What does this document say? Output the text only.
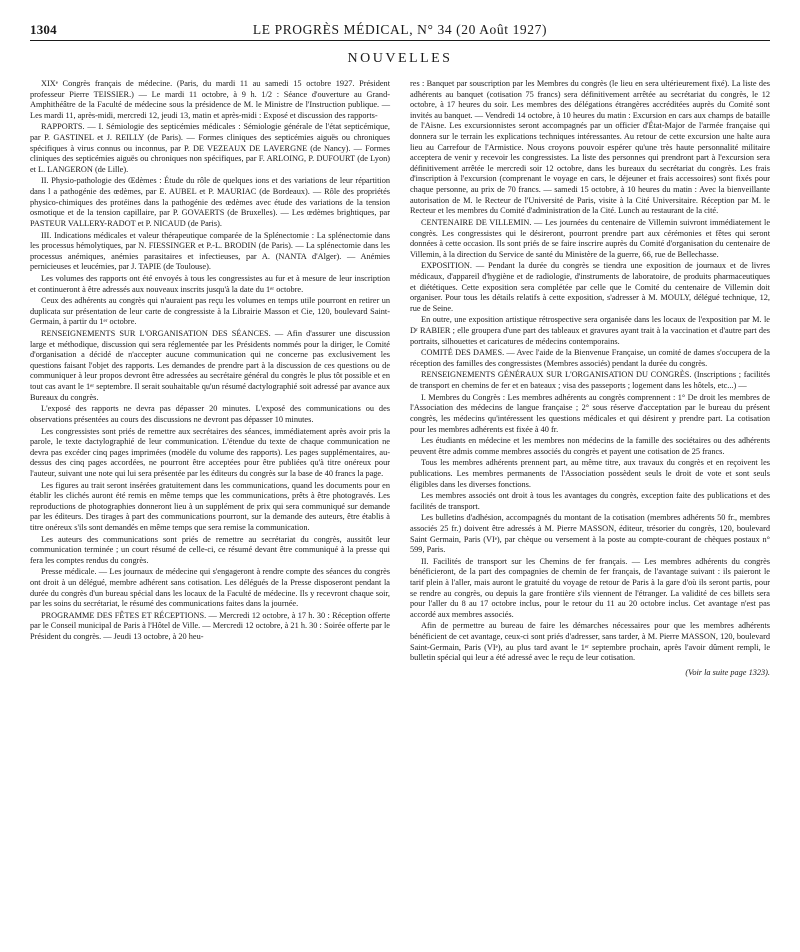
1304	LE PROGRÈS MÉDICAL, N° 34 (20 Août 1927)
NOUVELLES

XIXᵉ Congrès français de médecine. (Paris, du mardi 11 au samedi 15 octobre 1927. Président professeur Pierre TEISSIER.) — Le mardi 11 octobre, à 9 h. 1/2 : Séance d'ouverture au Grand-Amphithéâtre de la Faculté de médecine sous la présidence de M. le Ministre de l'Instruction publique. — Les mardi 11, après-midi, mercredi 12, jeudi 13, matin et après-midi : Exposé et discussion des rapports-

RAPPORTS. — I. Sémiologie des septicémies médicales : Sémiologie générale de l'état septicémique, par P. GASTINEL et J. REILLY (de Paris). — Formes cliniques des septicémies aiguës ou chroniques spécifiques à virus connus ou inconnus, par P. DE VEZEAUX DE LAVERGNE (de Nancy). — Formes cliniques des septicémies aiguës ou chroniques non spécifiques, par F. ARLOING, P. DUFOURT (de Lyon) et L. LANGERON (de Lille).

II. Physio-pathologie des Œdèmes : Étude du rôle de quelques ions et des variations de leur répartition dans l a pathogénie des œdèmes, par E. AUBEL et P. MAURIAC (de Bordeaux). — Rôle des propriétés physico-chimiques des protéines dans la pathogénie des œdèmes avec étude des variations de la tension osmotique et de la tension capillaire, par P. GOVAERTS (de Bruxelles). — Les œdèmes brightiques, par PASTEUR VALLERY-RADOT et P. NICAUD (de Paris).

III. Indications médicales et valeur thérapeutique comparée de la Splénectomie : La splénectomie dans les processus hémolytiques, par N. FIESSINGER et P.-L. BRODIN (de Paris). — La splénectomie dans les processus anémiques, anémies parasitaires et infectieuses, par A. (NANTA d'Alger). — Anémies pernicieuses et leucémies, par J. TAPIE (de Toulouse).

Les volumes des rapports ont été envoyés à tous les congressistes au fur et à mesure de leur inscription et continueront à être adressés aux nouveaux inscrits jusqu'à la date du 1ᵉʳ octobre.

Ceux des adhérents au congrès qui n'auraient pas reçu les volumes en temps utile pourront en retirer un duplicata sur présentation de leur carte de congressiste à la Librairie Masson et Cie, 120, boulevard Saint-Germain, à partir du 1ᵉʳ octobre.

RENSEIGNEMENTS SUR L'ORGANISATION DES SÉANCES. — Afin d'assurer une discussion large et méthodique, discussion qui sera réglementée par les Présidents nommés pour la diriger, le Comité d'organisation a décidé de n'accepter aucune communication qui ne concerne pas exclusivement les questions faisant l'objet des rapports. Les demandes de prendre part à la discussion de ces questions ou de communiquer à leur propos devront être adressées au secrétaire général du congrès le plus tôt possible et en tout cas avant le 1ᵉʳ septembre. Il serait souhaitable qu'un résumé dactylographié soit adressé par avance aux Bureaux du congrès.

L'exposé des rapports ne devra pas dépasser 20 minutes. L'exposé des communications ou des observations présentées au cours des discussions ne devront pas dépasser 10 minutes.

Les congressistes sont priés de remettre aux secrétaires des séances, immédiatement après avoir pris la parole, le texte dactylographié de leur communication. L'étendue du texte de chaque communication ne devra pas excéder cinq pages imprimées (modèle du volume des rapports). Les pages supplémentaires, au-dessus des cinq pages accordées, ne pourront être acceptées pour être publiées qu'à titre onéreux pour l'auteur, suivant une note qui lui sera présentée par les éditeurs du congrès sur la base de 40 francs la page.

Les figures au trait seront insérées gratuitement dans les communications, quand les documents pour en établir les clichés auront été remis en même temps que les communications, prêts à être photogravés. Les reproductions de photographies donneront lieu à un supplément de prix qui sera communiqué sur demande par les éditeurs. Des tirages à part des communications pourront, sur la demande des auteurs, être établis à titre onéreux s'ils sont demandés en même temps que sera remise la communication.

Les auteurs des communications sont priés de remettre au secrétariat du congrès, aussitôt leur communication terminée ; un court résumé de celle-ci, ce résumé devant être communiqué à la presse qui fera les comptes rendus du congrès.

Presse médicale. — Les journaux de médecine qui s'engageront à rendre compte des séances du congrès ont droit à un délégué, membre adhérent sans cotisation. Les délégués de la Presse disposeront pendant la durée du congrès d'un bureau spécial dans les locaux de la Faculté de médecine. Ils y recevront chaque soir, par les soins du secrétariat, le résumé des communications faites dans la journée.

PROGRAMME DES FÊTES ET RÉCEPTIONS. — Mercredi 12 octobre, à 17 h. 30 : Réception offerte par le Conseil municipal de Paris à l'Hôtel de Ville. — Mercredi 12 octobre, à 21 h. 30 : Soirée offerte par le Président du congrès. — Jeudi 13 octobre, à 20 heu-

res : Banquet par souscription par les Membres du congrès (le lieu en sera ultérieurement fixé). La liste des adhérents au banquet (cotisation 75 francs) sera définitivement arrêtée au secrétariat du congrès, le 12 octobre, à 17 heures du soir. Les membres des délégations étrangères accréditées auprès du Comité sont invités au banquet. — Vendredi 14 octobre, à 10 heures du matin : Excursion en cars aux champs de bataille de l'Aisne. Les excursionnistes seront accompagnés par un officier d'État-Major de l'armée française qui donnera sur le terrain les explications techniques intéressantes. Au retour de cette excursion une halte aura lieu au Carrefour de l'Armistice. Nous croyons pouvoir espérer qu'une très haute personnalité militaire acceptera de venir y recevoir les congressistes. La liste des personnes qui prendront part à l'excursion sera définitivement arrêtée le mercredi soir 12 octobre, dans les bureaux du secrétariat du congrès. Les frais d'inscription à l'excursion (comprenant le voyage en cars, le déjeuner et frais accessoires) sont fixés pour chaque personne, au prix de 70 francs. — samedi 15 octobre, à 10 heures du matin : Avec la bienveillante autorisation de M. le Recteur de l'Université de Paris, visite à la Cité Universitaire. Réception par M. le Recteur et les membres du Comité d'administration de la Cité. Lunch au restaurant de la cité.

CENTENAIRE DE VILLEMIN. — Les journées du centenaire de Villemin suivront immédiatement le congrès. Les congressistes qui le désireront, pourront prendre part aux cérémonies et fêtes qui seront données à cette occasion. Ils sont priés de se faire inscrire auprès du Comité d'organisation du centenaire de Villemin, à la direction du Service de santé du Ministère de la guerre, 66, rue de Bellechasse.

EXPOSITION. — Pendant la durée du congrès se tiendra une exposition de journaux et de livres médicaux, d'appareil d'hygiène et de radiologie, d'instruments de laboratoire, de produits pharmaceutiques et diététiques. Cette exposition sera complétée par celle que le Comité du centenaire de Villemin doit organiser. Pour tous les détails relatifs à cette exposition, s'adresser à M. MOULY, délégué technique, 12, rue de Seine.

En outre, une exposition artistique rétrospective sera organisée dans les locaux de l'exposition par M. le Dʳ RABIER ; elle groupera d'une part des tableaux et gravures ayant trait à la vaccination et d'autre part des portraits, silhouettes et caricatures de médecins contemporains.

COMITÉ DES DAMES. — Avec l'aide de la Bienvenue Française, un comité de dames s'occupera de la réception des familles des congressistes (Membres associés) pendant la durée du congrès.

RENSEIGNEMENTS GÉNÉRAUX SUR L'ORGANISATION DU CONGRÈS. (Inscriptions ; facilités de transport en chemins de fer et en bateaux ; visa des passeports ; logement dans les hôtels, etc...) —

I. Membres du Congrès : Les membres adhérents au congrès comprennent : 1° De droit les membres de l'Association des médecins de langue française ; 2° sous réserve d'acceptation par le bureau du présent congrès, les médecins qu'intéressent les questions médicales et qui désirent y prendre part. La cotisation pour les membres adhérents est fixée à 40 fr.

Les étudiants en médecine et les membres non médecins de la famille des sociétaires ou des adhérents peuvent être admis comme membres associés du congrès et payent une cotisation de 25 francs.

Tous les membres adhérents prennent part, au même titre, aux travaux du congrès et en reçoivent les publications. Les membres permanents de l'Association possèdent seuls le droit de vote et sont seuls éligibles dans les diverses fonctions.

Les membres associés ont droit à tous les avantages du congrès, exception faite des publications et des facilités de transport.

Les bulletins d'adhésion, accompagnés du montant de la cotisation (membres adhérents 50 fr., membres associés 25 fr.) doivent être adressés à M. Pierre MASSON, éditeur, trésorier du congrès, 120, boulevard Saint Germain, Paris (VIᵉ), par chèque ou versement à la poste au compte-courant de chèques postaux n° 599, Paris.

II. Facilités de transport sur les Chemins de fer français. — Les membres adhérents du congrès bénéficieront, de la part des compagnies de chemin de fer français, de l'avantage suivant : ils paieront le tarif plein à l'aller, mais auront le gratuité du voyage de retour de Paris à la gare d'où ils seront partis, pour se rendre au congrès, ou depuis la gare frontière s'ils viennent de l'étranger. La validité de ces billets sera pour l'aller du 8 au 17 octobre inclus, pour le retour du 11 au 20 octobre inclus. Cet avantage n'est pas accordé aux membres associés.

Afin de permettre au bureau de faire les démarches nécessaires pour que les membres adhérents bénéficient de cet avantage, ceux-ci sont priés d'adresser, sans tarder, à M. Pierre MASSON, 120, boulevard Saint-Germain, Paris (VIᵉ), au plus tard avant le 1ᵉʳ septembre prochain, après l'avoir dûment rempli, le bulletin spécial qui leur a été adressé avec le reçu de leur cotisation.

(Voir la suite page 1323).
